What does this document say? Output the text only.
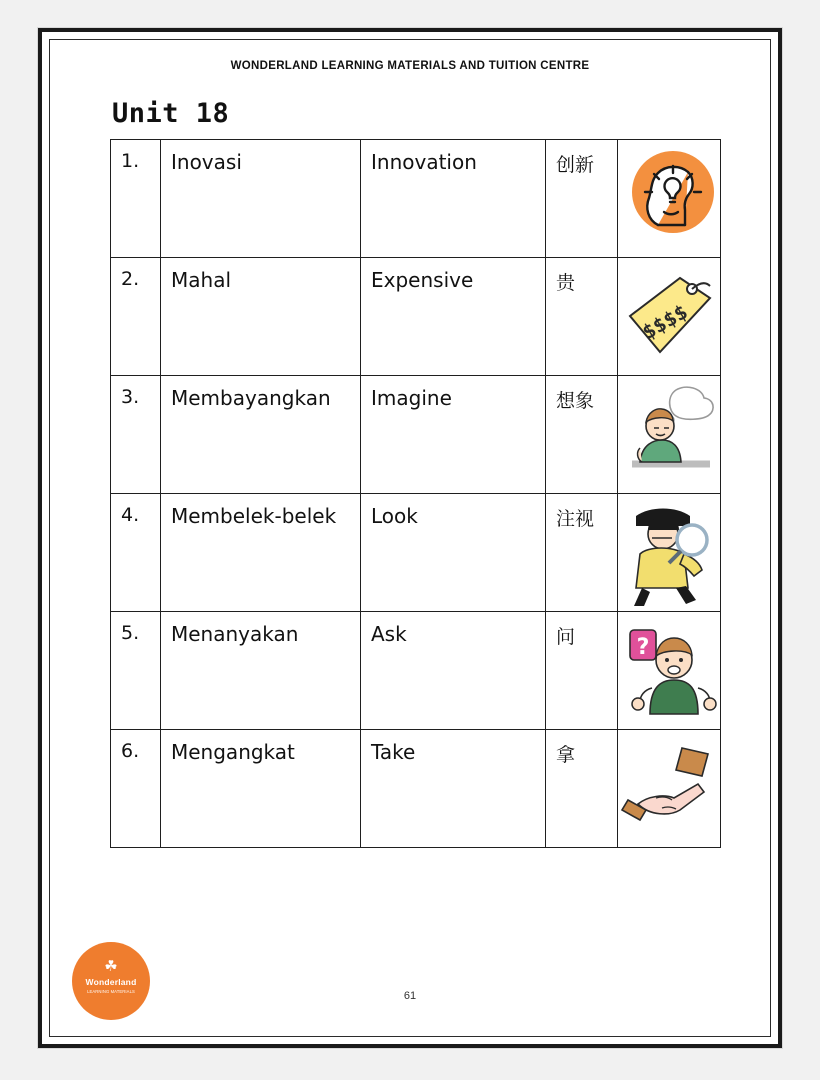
WONDERLAND LEARNING MATERIALS AND TUITION CENTRE
Unit 18
1.	Inovasi	Innovation	创新	

2.	Mahal	Expensive	贵	$$$$

3.	Membayangkan	Imagine	想象	

4.	Membelek-belek	Look	注视	

5.	Menanyakan	Ask	问	?

6.	Mengangkat	Take	拿	
61
☘
Wonderland
LEARNING MATERIALS
